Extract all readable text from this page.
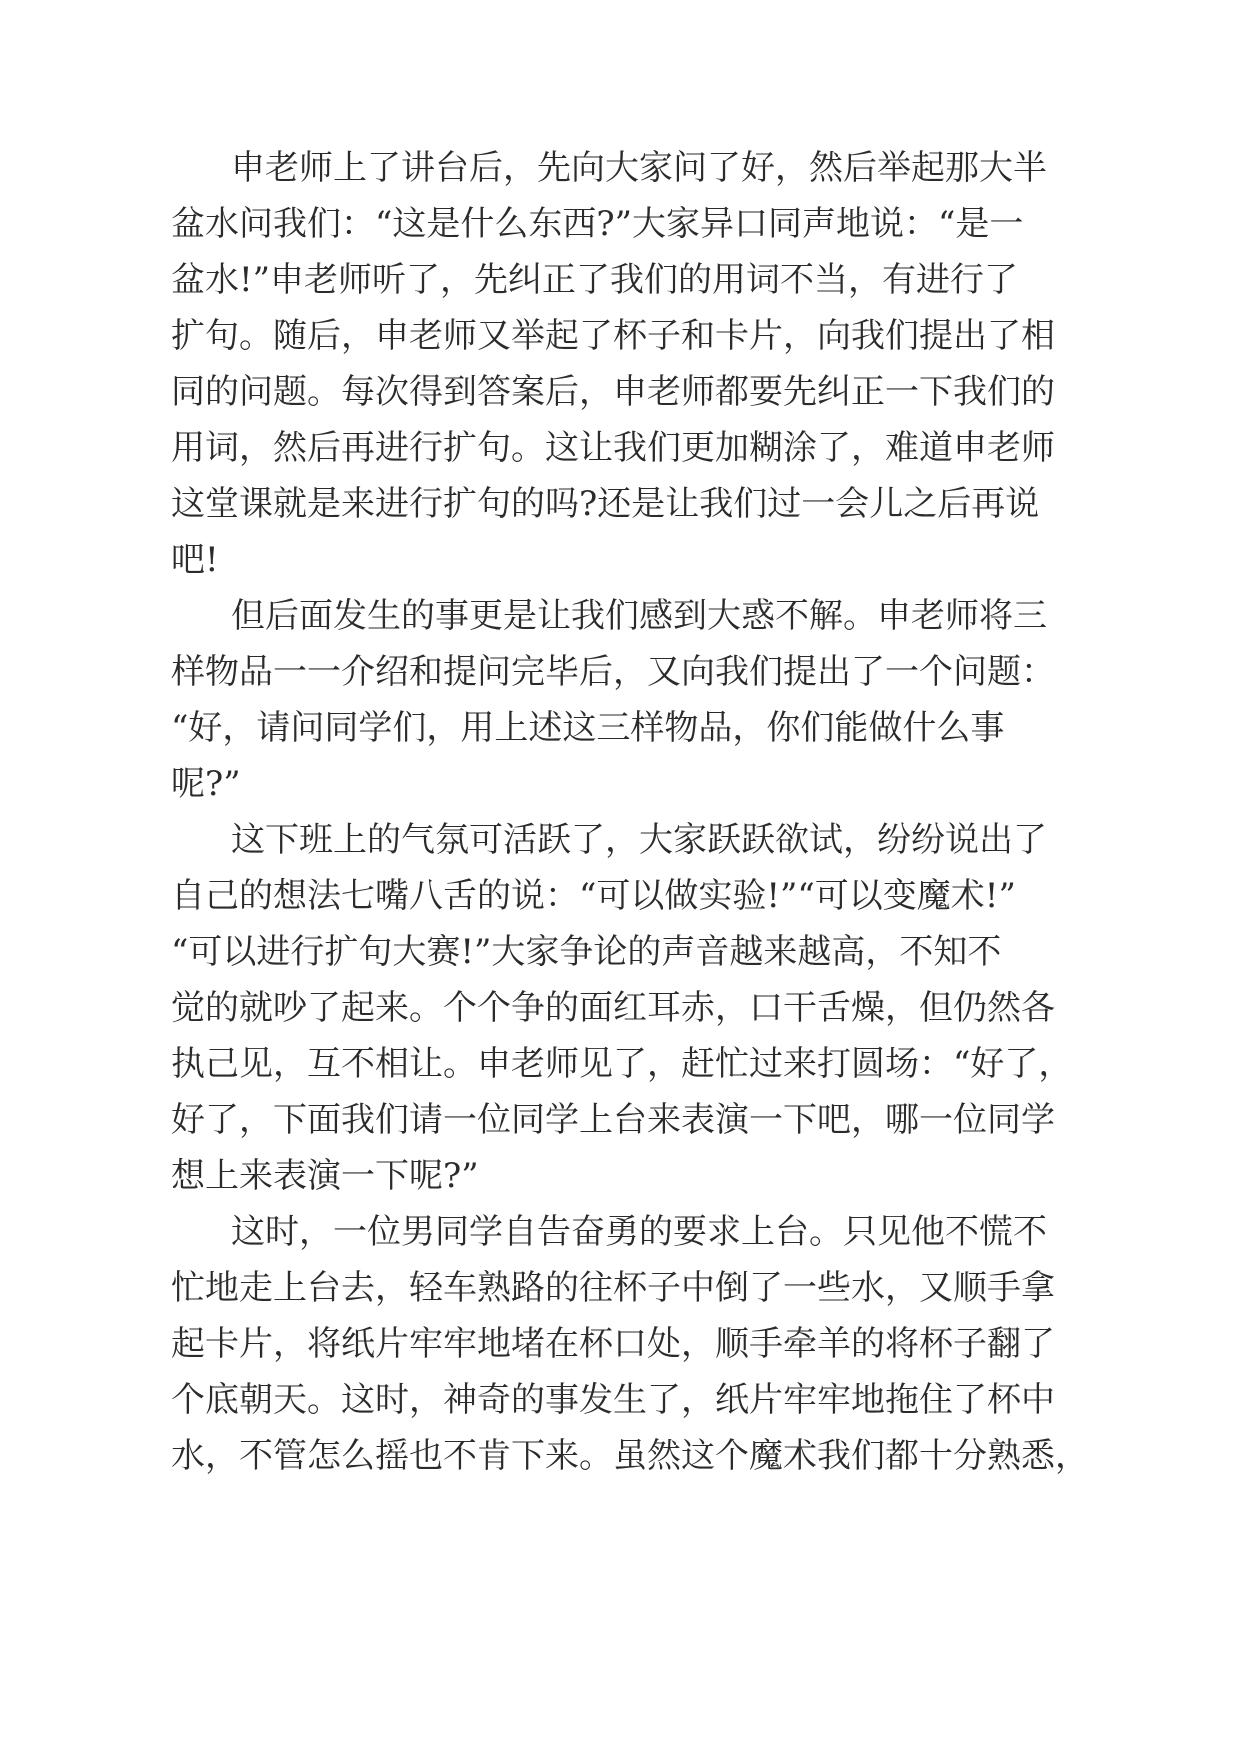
申老师上了讲台后，先向大家问了好，然后举起那大半
盆水问我们：“这是什么东西?”大家异口同声地说：“是一
盆水!”申老师听了，先纠正了我们的用词不当，有进行了
扩句。随后，申老师又举起了杯子和卡片，向我们提出了相
同的问题。每次得到答案后，申老师都要先纠正一下我们的
用词，然后再进行扩句。这让我们更加糊涂了，难道申老师
这堂课就是来进行扩句的吗?还是让我们过一会儿之后再说
吧!
但后面发生的事更是让我们感到大惑不解。申老师将三
样物品一一介绍和提问完毕后，又向我们提出了一个问题：
“好，请问同学们，用上述这三样物品，你们能做什么事
呢?”
这下班上的气氛可活跃了，大家跃跃欲试，纷纷说出了
自己的想法七嘴八舌的说：“可以做实验!”“可以变魔术!”
“可以进行扩句大赛!”大家争论的声音越来越高，不知不
觉的就吵了起来。个个争的面红耳赤，口干舌燥，但仍然各
执己见，互不相让。申老师见了，赶忙过来打圆场：“好了，
好了，下面我们请一位同学上台来表演一下吧，哪一位同学
想上来表演一下呢?”
这时，一位男同学自告奋勇的要求上台。只见他不慌不
忙地走上台去，轻车熟路的往杯子中倒了一些水，又顺手拿
起卡片，将纸片牢牢地堵在杯口处，顺手牵羊的将杯子翻了
个底朝天。这时，神奇的事发生了，纸片牢牢地拖住了杯中
水，不管怎么摇也不肯下来。虽然这个魔术我们都十分熟悉，
